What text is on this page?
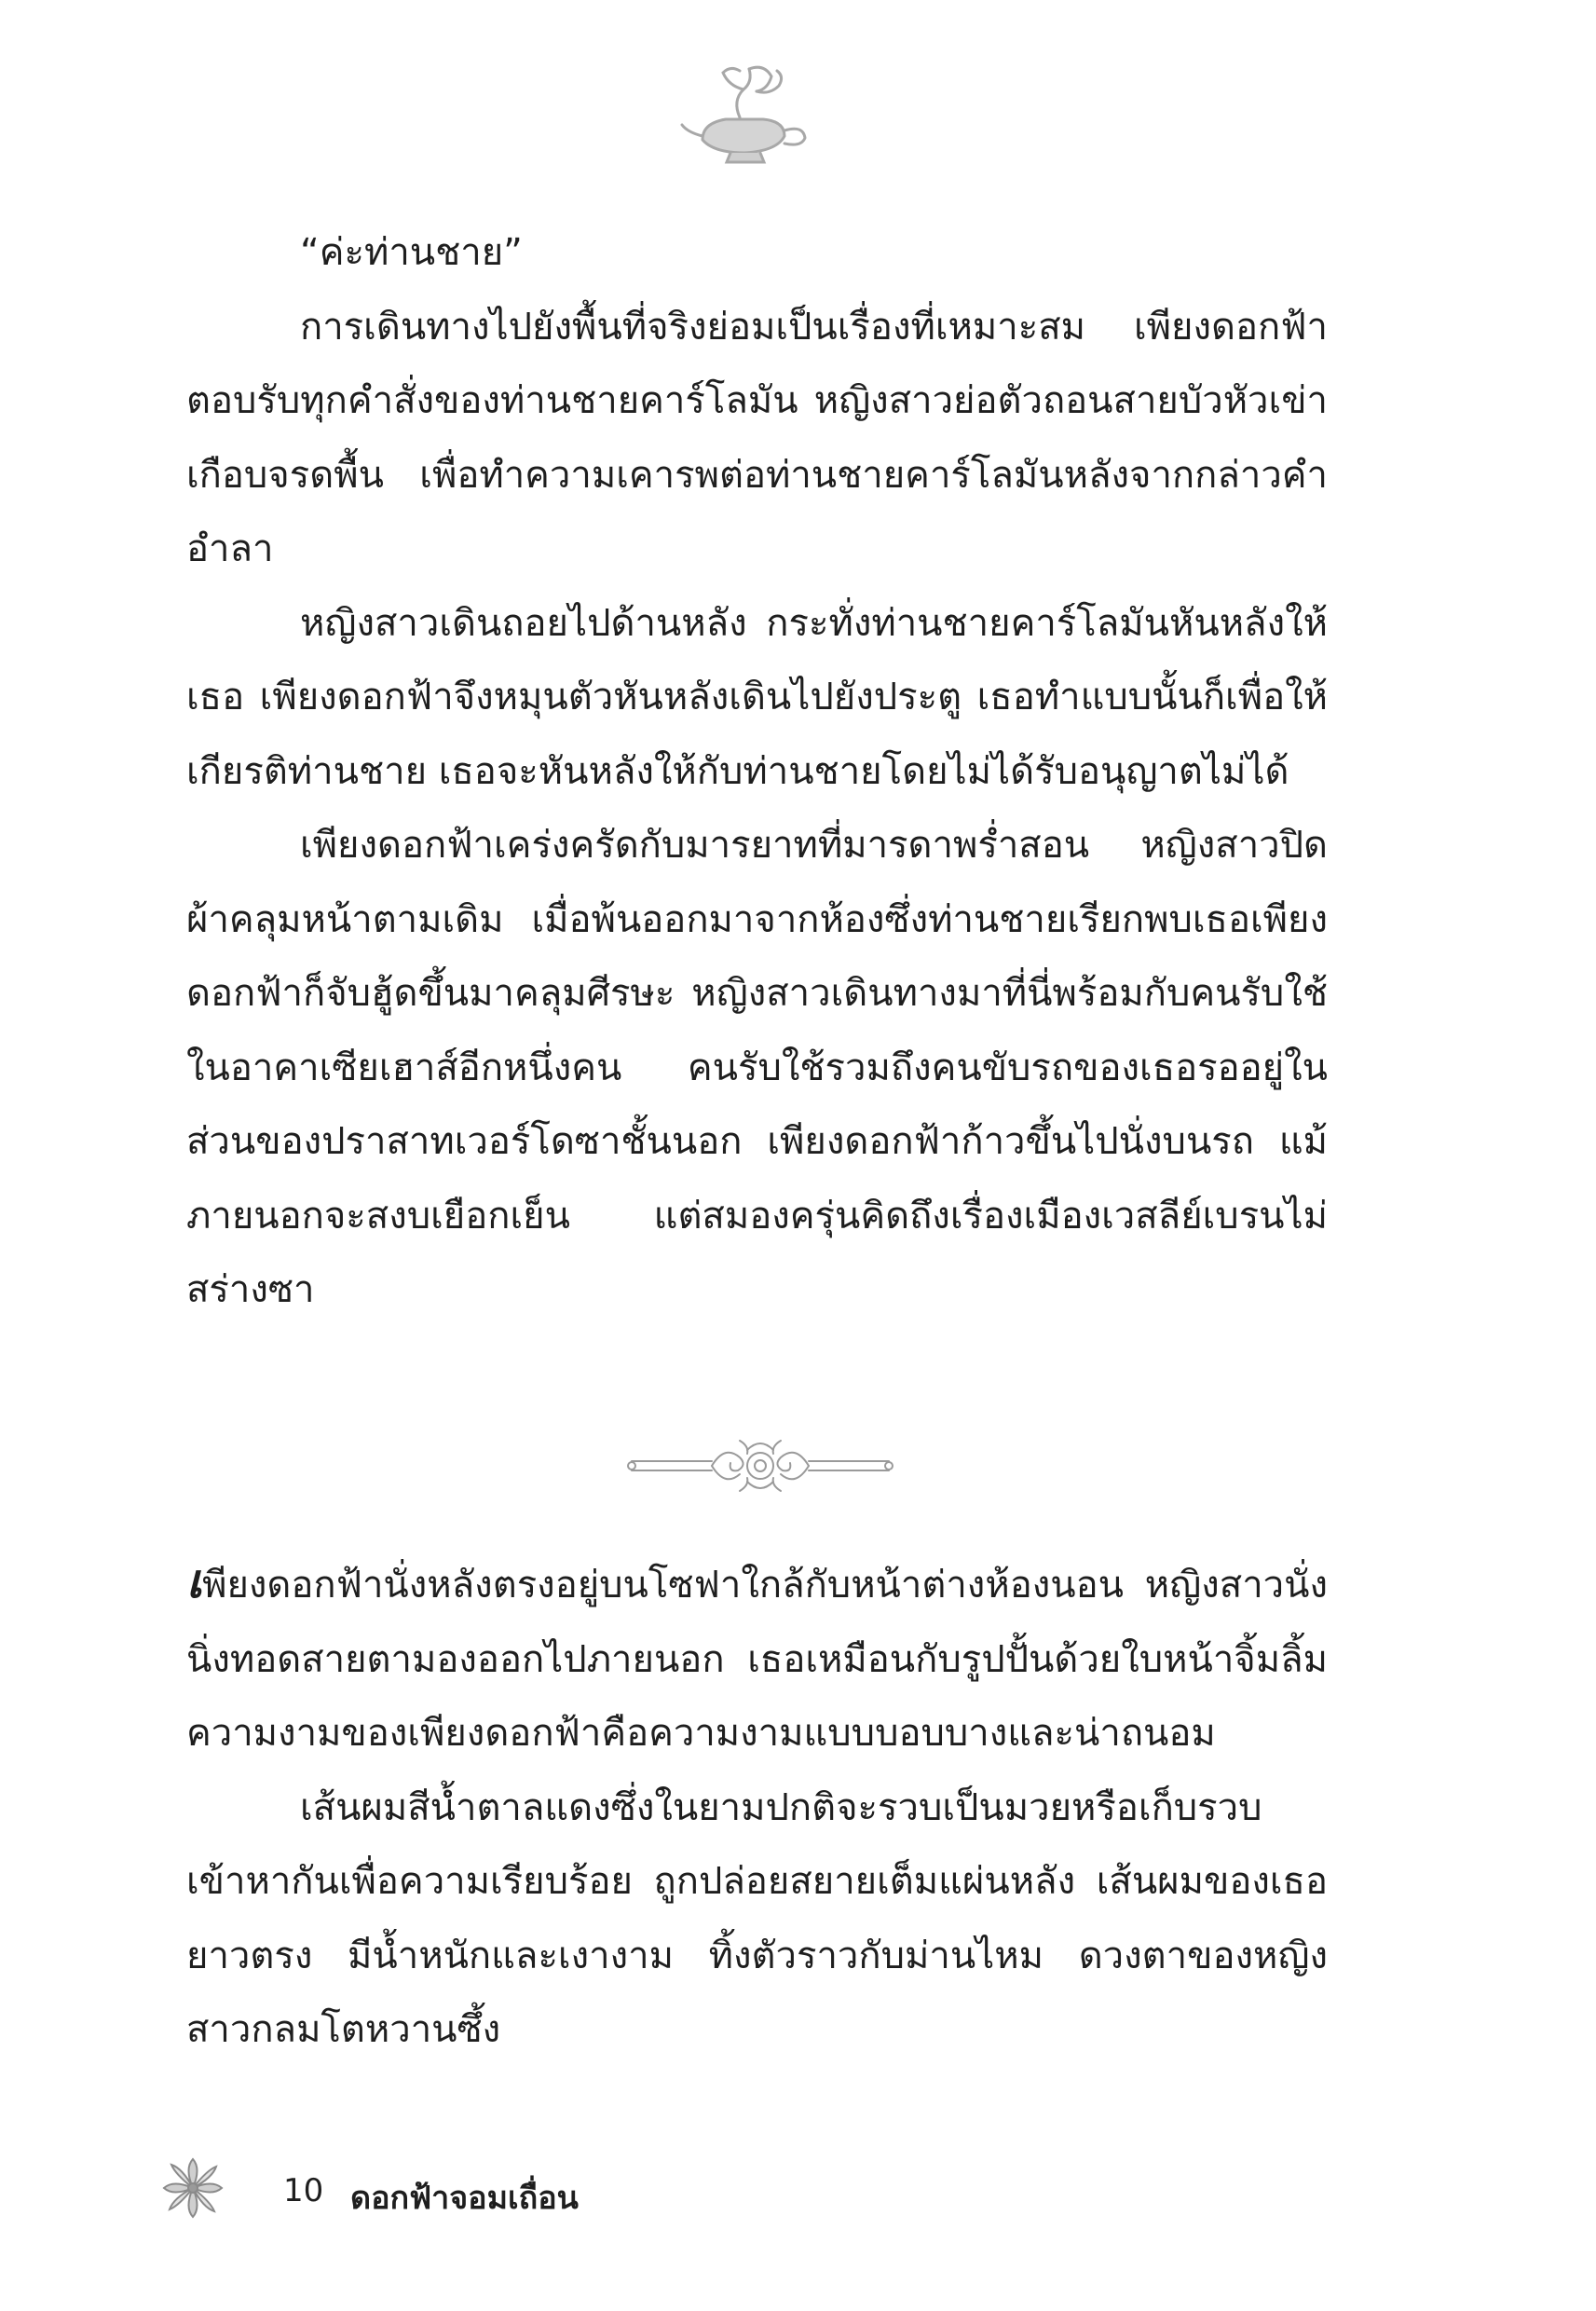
“ค่ะท่านชาย”

การเดินทางไปยังพื้นที่จริงย่อมเป็นเรื่องที่เหมาะสม เพียงดอกฟ้าตอบรับทุกคำสั่งของท่านชายคาร์โลมัน หญิงสาวย่อตัวถอนสายบัวหัวเข่าเกือบจรดพื้น เพื่อทำความเคารพต่อท่านชายคาร์โลมันหลังจากกล่าวคำอำลา

หญิงสาวเดินถอยไปด้านหลัง กระทั่งท่านชายคาร์โลมันหันหลังให้เธอ เพียงดอกฟ้าจึงหมุนตัวหันหลังเดินไปยังประตู เธอทำแบบนั้นก็เพื่อให้เกียรติท่านชาย เธอจะหันหลังให้กับท่านชายโดยไม่ได้รับอนุญาตไม่ได้

เพียงดอกฟ้าเคร่งครัดกับมารยาทที่มารดาพร่ำสอน หญิงสาวปิดผ้าคลุมหน้าตามเดิม เมื่อพ้นออกมาจากห้องซึ่งท่านชายเรียกพบเธอเพียงดอกฟ้าก็จับฮู้ดขึ้นมาคลุมศีรษะ หญิงสาวเดินทางมาที่นี่พร้อมกับคนรับใช้ในอาคาเซียเฮาส์อีกหนึ่งคน คนรับใช้รวมถึงคนขับรถของเธอรออยู่ในส่วนของปราสาทเวอร์โดซาชั้นนอก เพียงดอกฟ้าก้าวขึ้นไปนั่งบนรถ แม้ภายนอกจะสงบเยือกเย็น แต่สมองครุ่นคิดถึงเรื่องเมืองเวสลีย์เบรนไม่สร่างซา

เพียงดอกฟ้านั่งหลังตรงอยู่บนโซฟาใกล้กับหน้าต่างห้องนอน หญิงสาวนั่งนิ่งทอดสายตามองออกไปภายนอก เธอเหมือนกับรูปปั้นด้วยใบหน้าจิ้มลิ้ม ความงามของเพียงดอกฟ้าคือความงามแบบบอบบางและน่าถนอม

เส้นผมสีน้ำตาลแดงซึ่งในยามปกติจะรวบเป็นมวยหรือเก็บรวบเข้าหากันเพื่อความเรียบร้อย ถูกปล่อยสยายเต็มแผ่นหลัง เส้นผมของเธอยาวตรง มีน้ำหนักและเงางาม ทิ้งตัวราวกับม่านไหม ดวงตาของหญิงสาวกลมโตหวานซึ้ง

10 ดอกฟ้าจอมเถื่อน
